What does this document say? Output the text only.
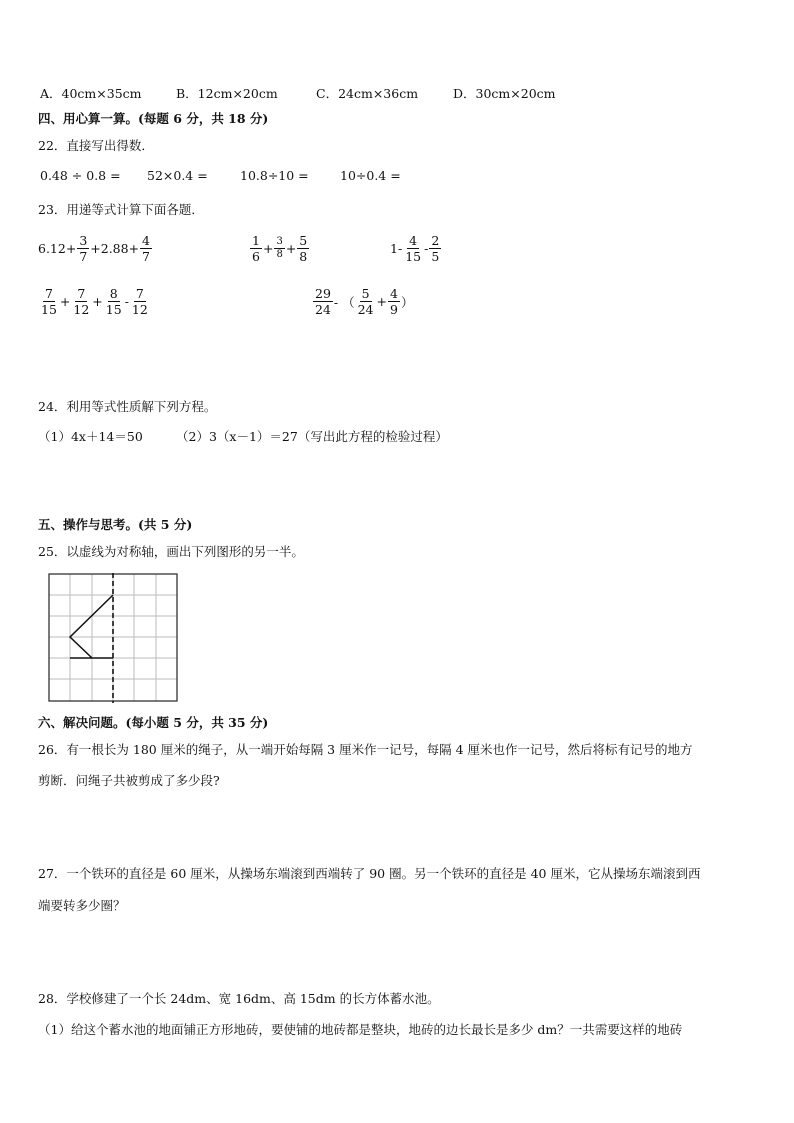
A．40cm×35cm	B．12cm×20cm	C．24cm×36cm	D．30cm×20cm
四、用心算一算。(每题 6 分，共 18 分)
22．直接写出得数．
0.48 ÷ 0.8 = 52×0.4 =	10.8÷10 =	10÷0.4 =
23．用递等式计算下面各题．
$6.12+ \frac{3}{7} +2.88+ \frac{4}{7}$	$\frac{1}{6} + \frac{3}{8} + \frac{5}{8}$	$1- \frac{4}{15} - \frac{2}{5}$
$\frac{7}{15} + \frac{7}{12} + \frac{8}{15} - \frac{7}{12}$	$\frac{29}{24}$ - （ $\frac{5}{24} + \frac{4}{9}$ ）
24．利用等式性质解下列方程。
（1）4x＋14＝50	（2）3（x－1）＝27（写出此方程的检验过程）
五、操作与思考。(共 5 分)
25．以虚线为对称轴，画出下列图形的另一半。
六、解决问题。(每小题 5 分，共 35 分)
26．有一根长为 180 厘米的绳子，从一端开始每隔 3 厘米作一记号，每隔 4 厘米也作一记号，然后将标有记号的地方
剪断．问绳子共被剪成了多少段?
27．一个铁环的直径是 60 厘米，从操场东端滚到西端转了 90 圈。另一个铁环的直径是 40 厘米，它从操场东端滚到西
端要转多少圈？
28．学校修建了一个长 24dm、宽 16dm、高 15dm 的长方体蓄水池。
（1）给这个蓄水池的地面铺正方形地砖，要使铺的地砖都是整块，地砖的边长最长是多少 dm？一共需要这样的地砖
